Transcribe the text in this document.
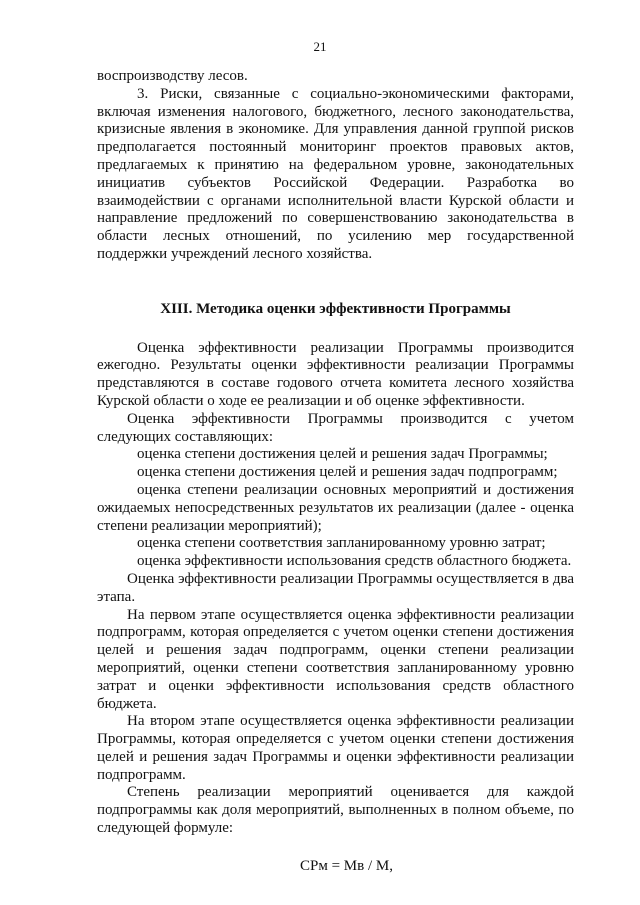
21

воспроизводству лесов.

3. Риски, связанные с социально-экономическими факторами, включая изменения налогового, бюджетного, лесного законодательства, кризисные явления в экономике. Для управления данной группой рисков предполагается постоянный мониторинг проектов правовых актов, предлагаемых к принятию на федеральном уровне, законодательных инициатив субъектов Российской Федерации. Разработка во взаимодействии с органами исполнительной власти Курской области и направление предложений по совершенствованию законодательства в области лесных отношений, по усилению мер государственной поддержки учреждений лесного хозяйства.

XIII. Методика оценки эффективности Программы

Оценка эффективности реализации Программы производится ежегодно. Результаты оценки эффективности реализации Программы представляются в составе годового отчета комитета лесного хозяйства Курской области о ходе ее реализации и об оценке эффективности.

Оценка эффективности Программы производится с учетом следующих составляющих:

оценка степени достижения целей и решения задач Программы;

оценка степени достижения целей и решения задач подпрограмм;

оценка степени реализации основных мероприятий и достижения ожидаемых непосредственных результатов их реализации (далее - оценка степени реализации мероприятий);

оценка степени соответствия запланированному уровню затрат;

оценка эффективности использования средств областного бюджета.

Оценка эффективности реализации Программы осуществляется в два этапа.

На первом этапе осуществляется оценка эффективности реализации подпрограмм, которая определяется с учетом оценки степени достижения целей и решения задач подпрограмм, оценки степени реализации мероприятий, оценки степени соответствия запланированному уровню затрат и оценки эффективности использования средств областного бюджета.

На втором этапе осуществляется оценка эффективности реализации Программы, которая определяется с учетом оценки степени достижения целей и решения задач Программы и оценки эффективности реализации подпрограмм.

Степень реализации мероприятий оценивается для каждой подпрограммы как доля мероприятий, выполненных в полном объеме, по следующей формуле:

СРм = Мв / М,
